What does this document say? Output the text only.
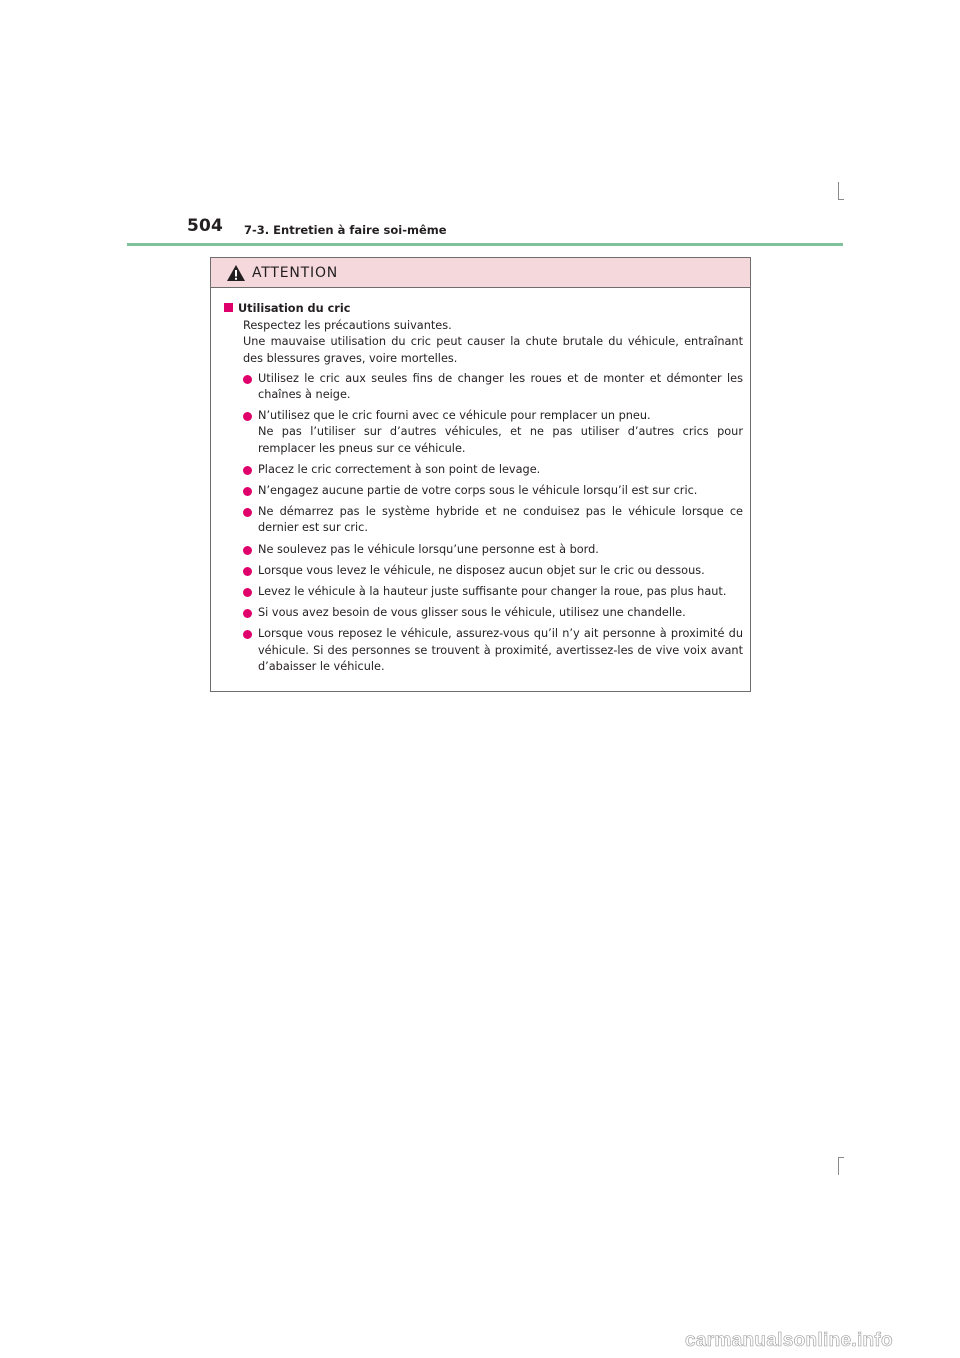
504 7-3. Entretien à faire soi-même
ATTENTION
Utilisation du cric

Respectez les précautions suivantes.

Une mauvaise utilisation du cric peut causer la chute brutale du véhicule, entraînant des blessures graves, voire mortelles.

Utilisez le cric aux seules fins de changer les roues et de monter et démonter les chaînes à neige.

N’utilisez que le cric fourni avec ce véhicule pour remplacer un pneu.

Ne pas l’utiliser sur d’autres véhicules, et ne pas utiliser d’autres crics pour remplacer les pneus sur ce véhicule.

Placez le cric correctement à son point de levage.

N’engagez aucune partie de votre corps sous le véhicule lorsqu’il est sur cric.

Ne démarrez pas le système hybride et ne conduisez pas le véhicule lorsque ce dernier est sur cric.

Ne soulevez pas le véhicule lorsqu’une personne est à bord.

Lorsque vous levez le véhicule, ne disposez aucun objet sur le cric ou dessous.

Levez le véhicule à la hauteur juste suffisante pour changer la roue, pas plus haut.

Si vous avez besoin de vous glisser sous le véhicule, utilisez une chandelle.

Lorsque vous reposez le véhicule, assurez-vous qu’il n’y ait personne à proximité du véhicule. Si des personnes se trouvent à proximité, avertissez-les de vive voix avant d’abaisser le véhicule.

carmanualsonline.info
